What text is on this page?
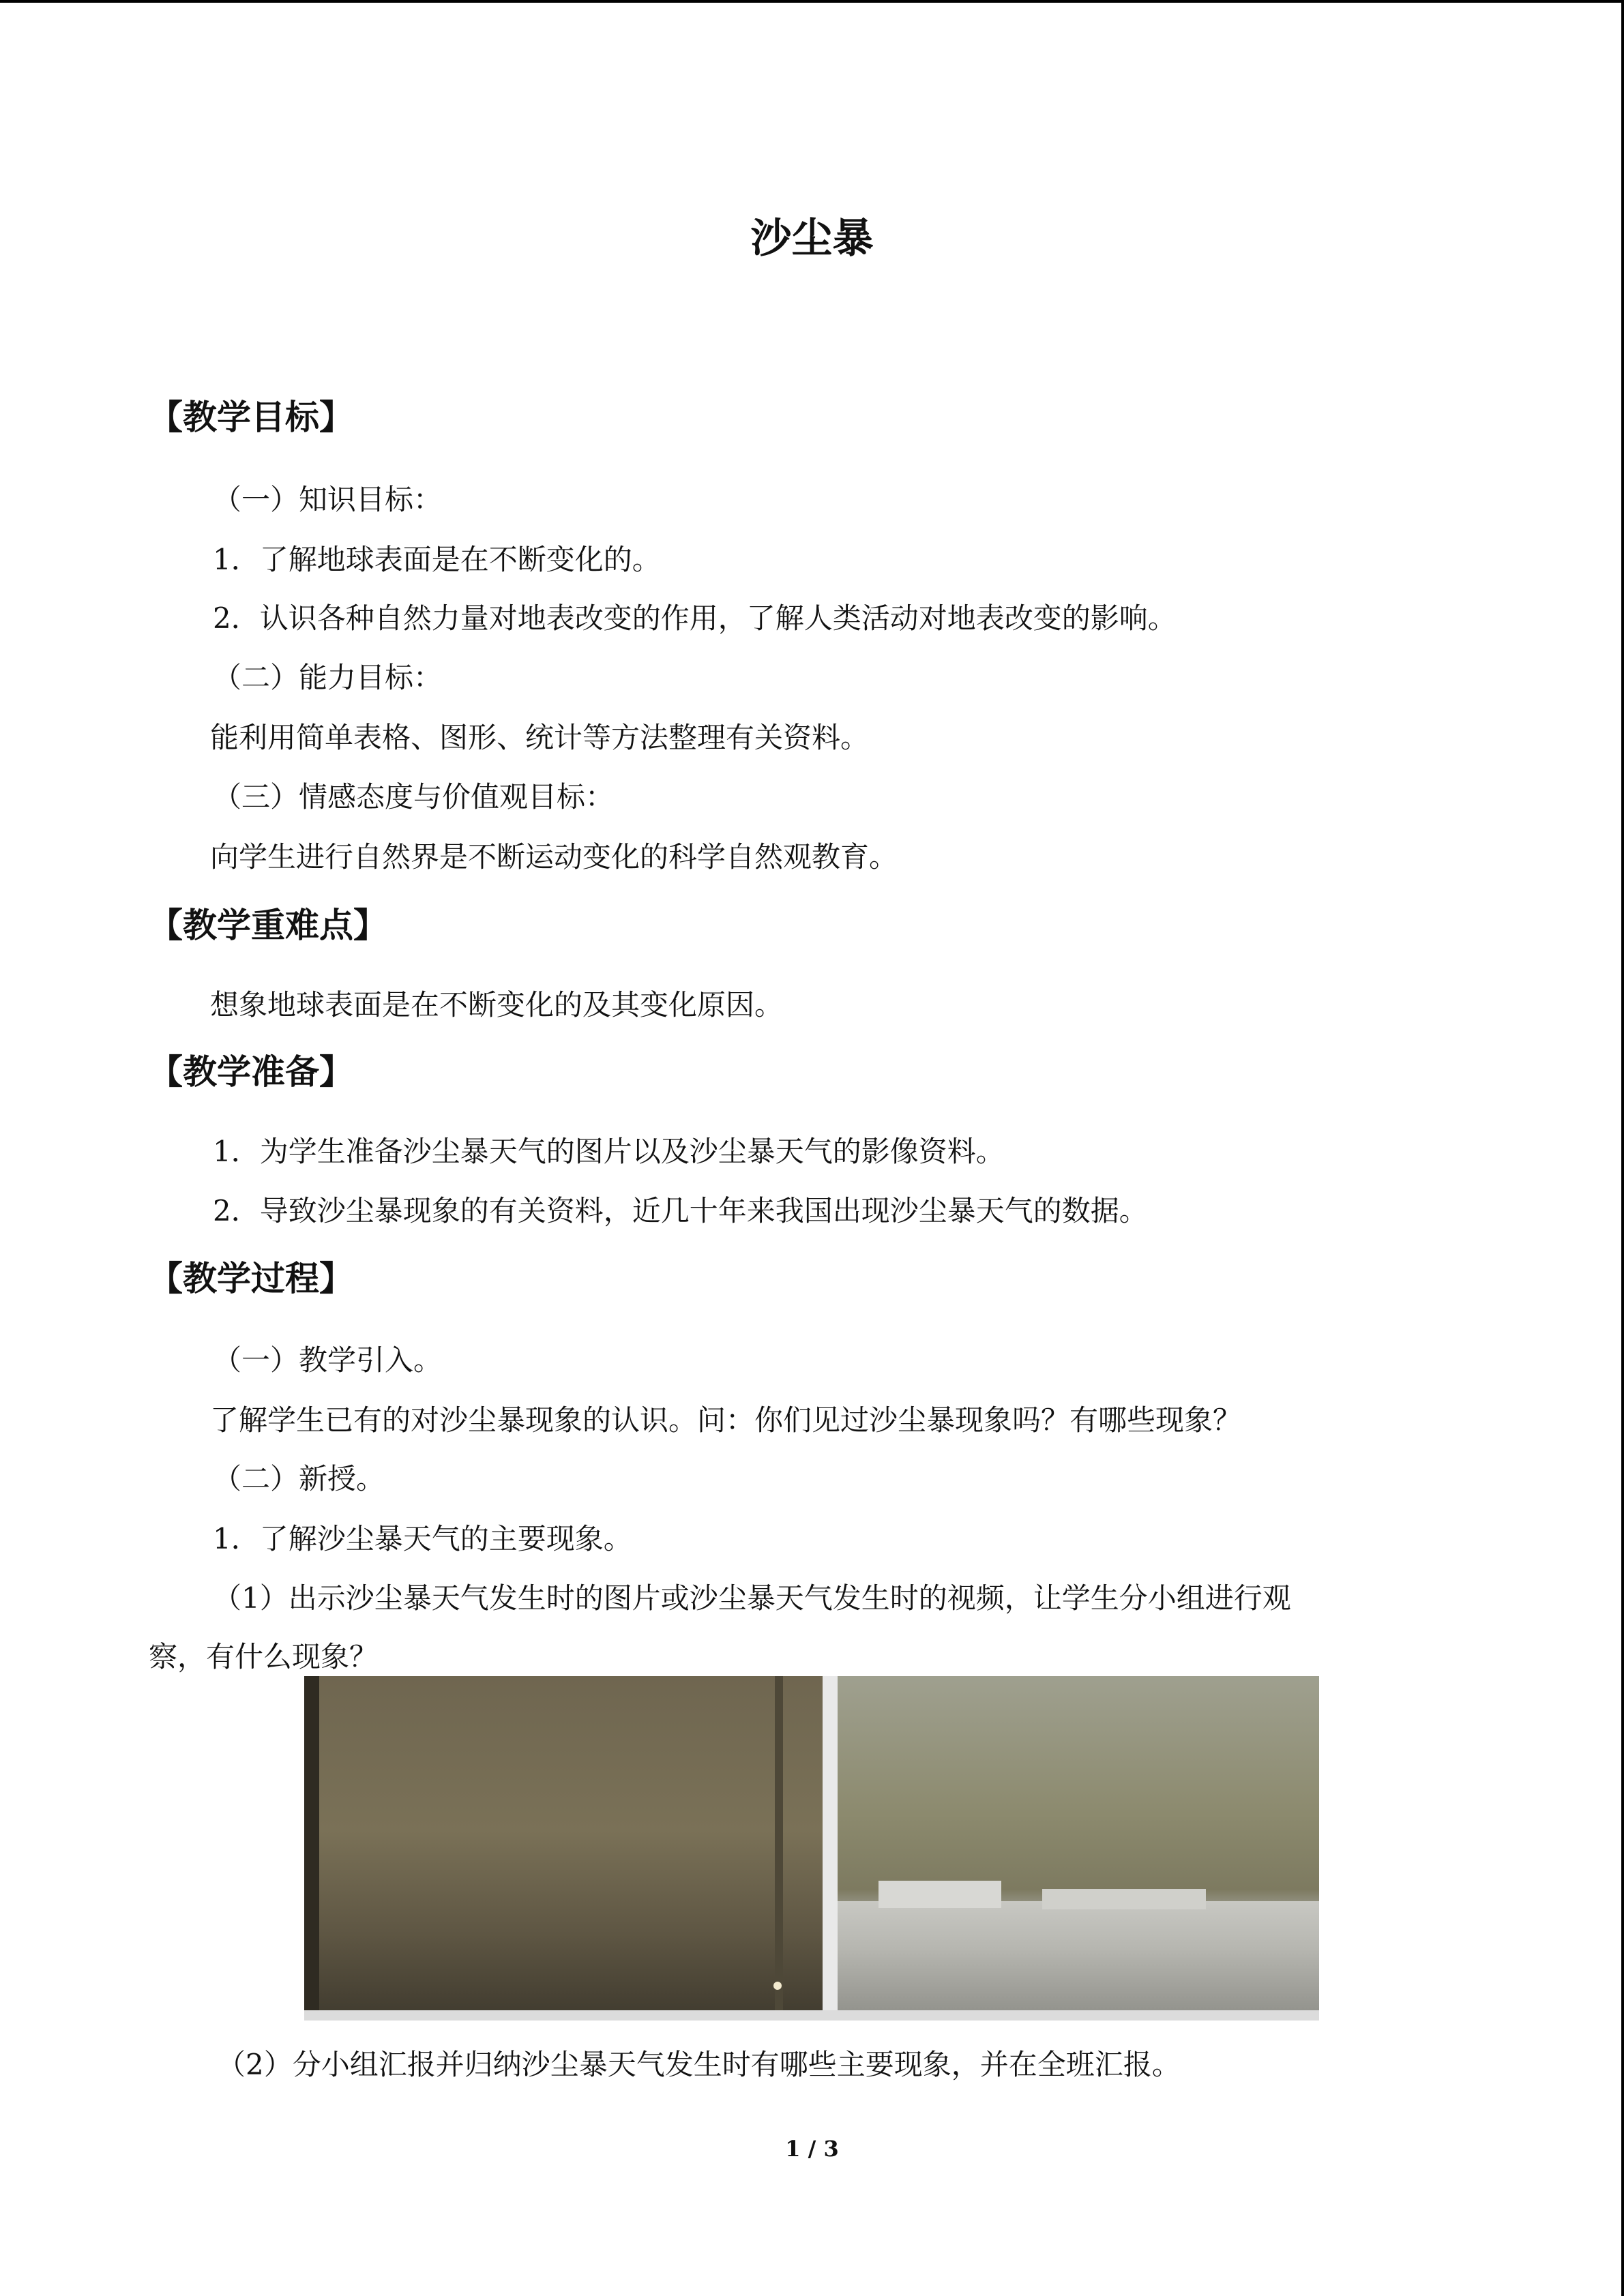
沙尘暴
【教学目标】

（一）知识目标：

1．了解地球表面是在不断变化的。

2．认识各种自然力量对地表改变的作用，了解人类活动对地表改变的影响。

（二）能力目标：

能利用简单表格、图形、统计等方法整理有关资料。

（三）情感态度与价值观目标：

向学生进行自然界是不断运动变化的科学自然观教育。

【教学重难点】

想象地球表面是在不断变化的及其变化原因。

【教学准备】

1．为学生准备沙尘暴天气的图片以及沙尘暴天气的影像资料。

2．导致沙尘暴现象的有关资料，近几十年来我国出现沙尘暴天气的数据。

【教学过程】

（一）教学引入。

了解学生已有的对沙尘暴现象的认识。问：你们见过沙尘暴现象吗？有哪些现象？

（二）新授。

1．了解沙尘暴天气的主要现象。

（1）出示沙尘暴天气发生时的图片或沙尘暴天气发生时的视频，让学生分小组进行观

察，有什么现象？

（2）分小组汇报并归纳沙尘暴天气发生时有哪些主要现象，并在全班汇报。

1 / 3
